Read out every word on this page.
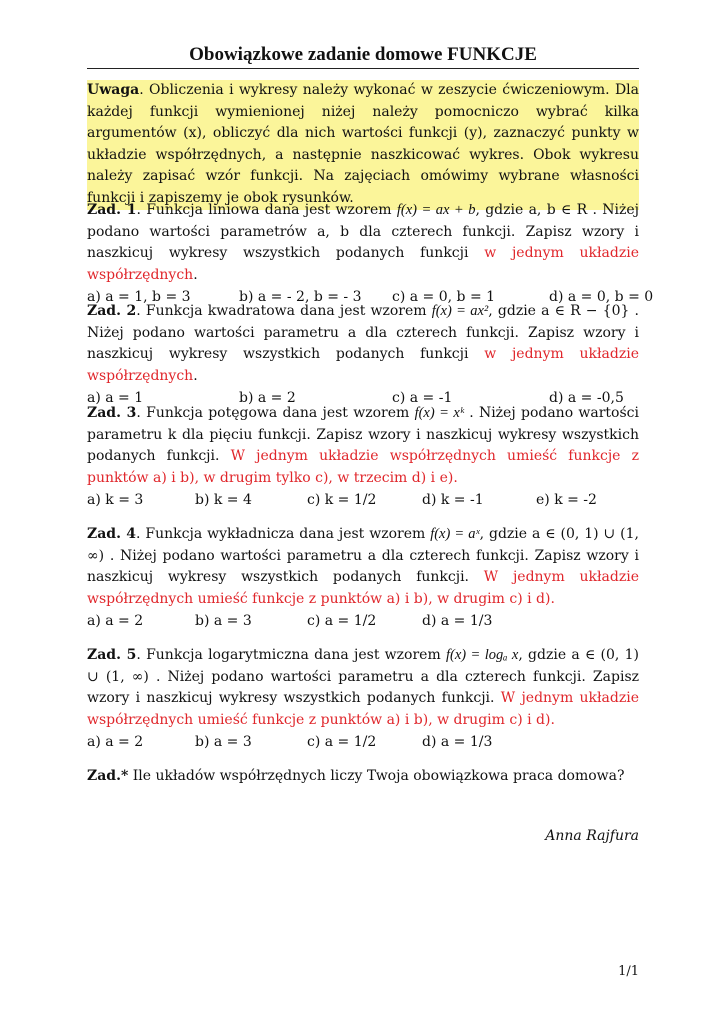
Obowiązkowe zadanie domowe FUNKCJE
Uwaga. Obliczenia i wykresy należy wykonać w zeszycie ćwiczeniowym. Dla każdej funkcji wymienionej niżej należy pomocniczo wybrać kilka argumentów (x), obliczyć dla nich wartości funkcji (y), zaznaczyć punkty w układzie współrzędnych, a następnie naszkicować wykres. Obok wykresu należy zapisać wzór funkcji. Na zajęciach omówimy wybrane własności funkcji i zapiszemy je obok rysunków.

Zad. 1. Funkcja liniowa dana jest wzorem f(x) = ax + b, gdzie a, b ∈ R . Niżej podano wartości parametrów a, b dla czterech funkcji. Zapisz wzory i naszkicuj wykresy wszystkich podanych funkcji w jednym układzie współrzędnych.

a) a = 1, b = 3	b) a = - 2, b = - 3 c) a = 0, b = 1	d) a = 0, b = 0

Zad. 2. Funkcja kwadratowa dana jest wzorem f(x) = ax², gdzie a ∈ R − {0} . Niżej podano wartości parametru a dla czterech funkcji. Zapisz wzory i naszkicuj wykresy wszystkich podanych funkcji w jednym układzie współrzędnych.

a) a = 1	b) a = 2	c) a = -1	d) a = -0,5

Zad. 3. Funkcja potęgowa dana jest wzorem f(x) = xᵏ . Niżej podano wartości parametru k dla pięciu funkcji. Zapisz wzory i naszkicuj wykresy wszystkich podanych funkcji. W jednym układzie współrzędnych umieść funkcje z punktów a) i b), w drugim tylko c), w trzecim d) i e).

a) k = 3	b) k = 4	c) k = 1/2	d) k = -1	e) k = -2

Zad. 4. Funkcja wykładnicza dana jest wzorem f(x) = aˣ, gdzie a ∈ (0, 1) ∪ (1, ∞) . Niżej podano wartości parametru a dla czterech funkcji. Zapisz wzory i naszkicuj wykresy wszystkich podanych funkcji. W jednym układzie współrzędnych umieść funkcje z punktów a) i b), w drugim c) i d).

a) a = 2	b) a = 3	c) a = 1/2	d) a = 1/3

Zad. 5. Funkcja logarytmiczna dana jest wzorem f(x) = logₐ x, gdzie a ∈ (0, 1) ∪ (1, ∞) . Niżej podano wartości parametru a dla czterech funkcji. Zapisz wzory i naszkicuj wykresy wszystkich podanych funkcji. W jednym układzie współrzędnych umieść funkcje z punktów a) i b), w drugim c) i d).

a) a = 2	b) a = 3	c) a = 1/2	d) a = 1/3

Zad.* Ile układów współrzędnych liczy Twoja obowiązkowa praca domowa?

Anna Rajfura
1/1
